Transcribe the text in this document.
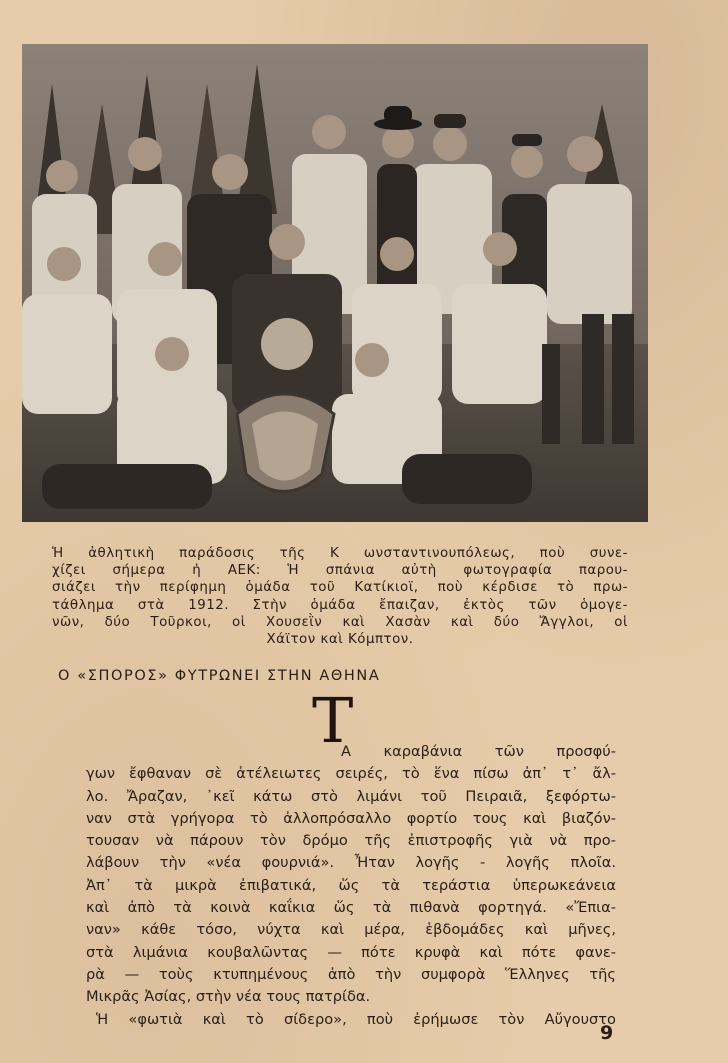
Ἡ ἀθλητικὴ παράδοσις τῆς Κ ωνσταντινουπόλεως, ποὺ συνε-
χίζει σήμερα ἡ ΑΕΚ: Ἡ σπάνια αὐτὴ φωτογραφία παρου-
σιάζει τὴν περίφημη ὁμάδα τοῦ Κατίκιοϊ, ποὺ κέρδισε τὸ πρω-
τάθλημα στὰ 1912. Στὴν ὁμάδα ἔπαιζαν, ἐκτὸς τῶν ὁμογε-
νῶν, δύο Τοῦρκοι, οἱ Χουσεῒν καὶ Χασὰν καὶ δύο Ἄγγλοι, οἱ
Χάϊτον καὶ Κόμπτον.
Ο «ΣΠΟΡΟΣ» ΦΥΤΡΩΝΕΙ ΣΤΗΝ ΑΘΗΝΑ
Τ
Α καραβάνια τῶν προσφύ-
γων ἔφθαναν σὲ ἀτέλειωτες σειρές, τὸ ἕνα πίσω ἀπ᾿ τ᾿ ἄλ-
λο. Ἄραζαν, ᾿κεῖ κάτω στὸ λιμάνι τοῦ Πειραιᾶ, ξεφόρτω-
ναν στὰ γρήγορα τὸ ἀλλοπρόσαλλο φορτίο τους καὶ βιαζόν-
τουσαν νὰ πάρουν τὸν δρόμο τῆς ἐπιστροφῆς γιὰ νὰ προ-
λάβουν τὴν «νέα φουρνιά». Ἦταν λογῆς - λογῆς πλοῖα.
Ἀπ᾿ τὰ μικρὰ ἐπιβατικά, ὥς τὰ τεράστια ὑπερωκεάνεια
καὶ ἀπὸ τὰ κοινὰ καΐκια ὥς τὰ πιθανὰ φορτηγά. «Ἔπια-
ναν» κάθε τόσο, νύχτα καὶ μέρα, ἑβδομάδες καὶ μῆνες,
στὰ λιμάνια κουβαλῶντας — πότε κρυφὰ καὶ πότε φανε-
ρὰ — τοὺς κτυπημένους ἀπὸ τὴν συμφορὰ Ἕλληνες τῆς
Μικρᾶς Ἀσίας, στὴν νέα τους πατρίδα.
Ἡ «φωτιὰ καὶ τὸ σίδερο», ποὺ ἐρήμωσε τὸν Αὔγουστο
9
